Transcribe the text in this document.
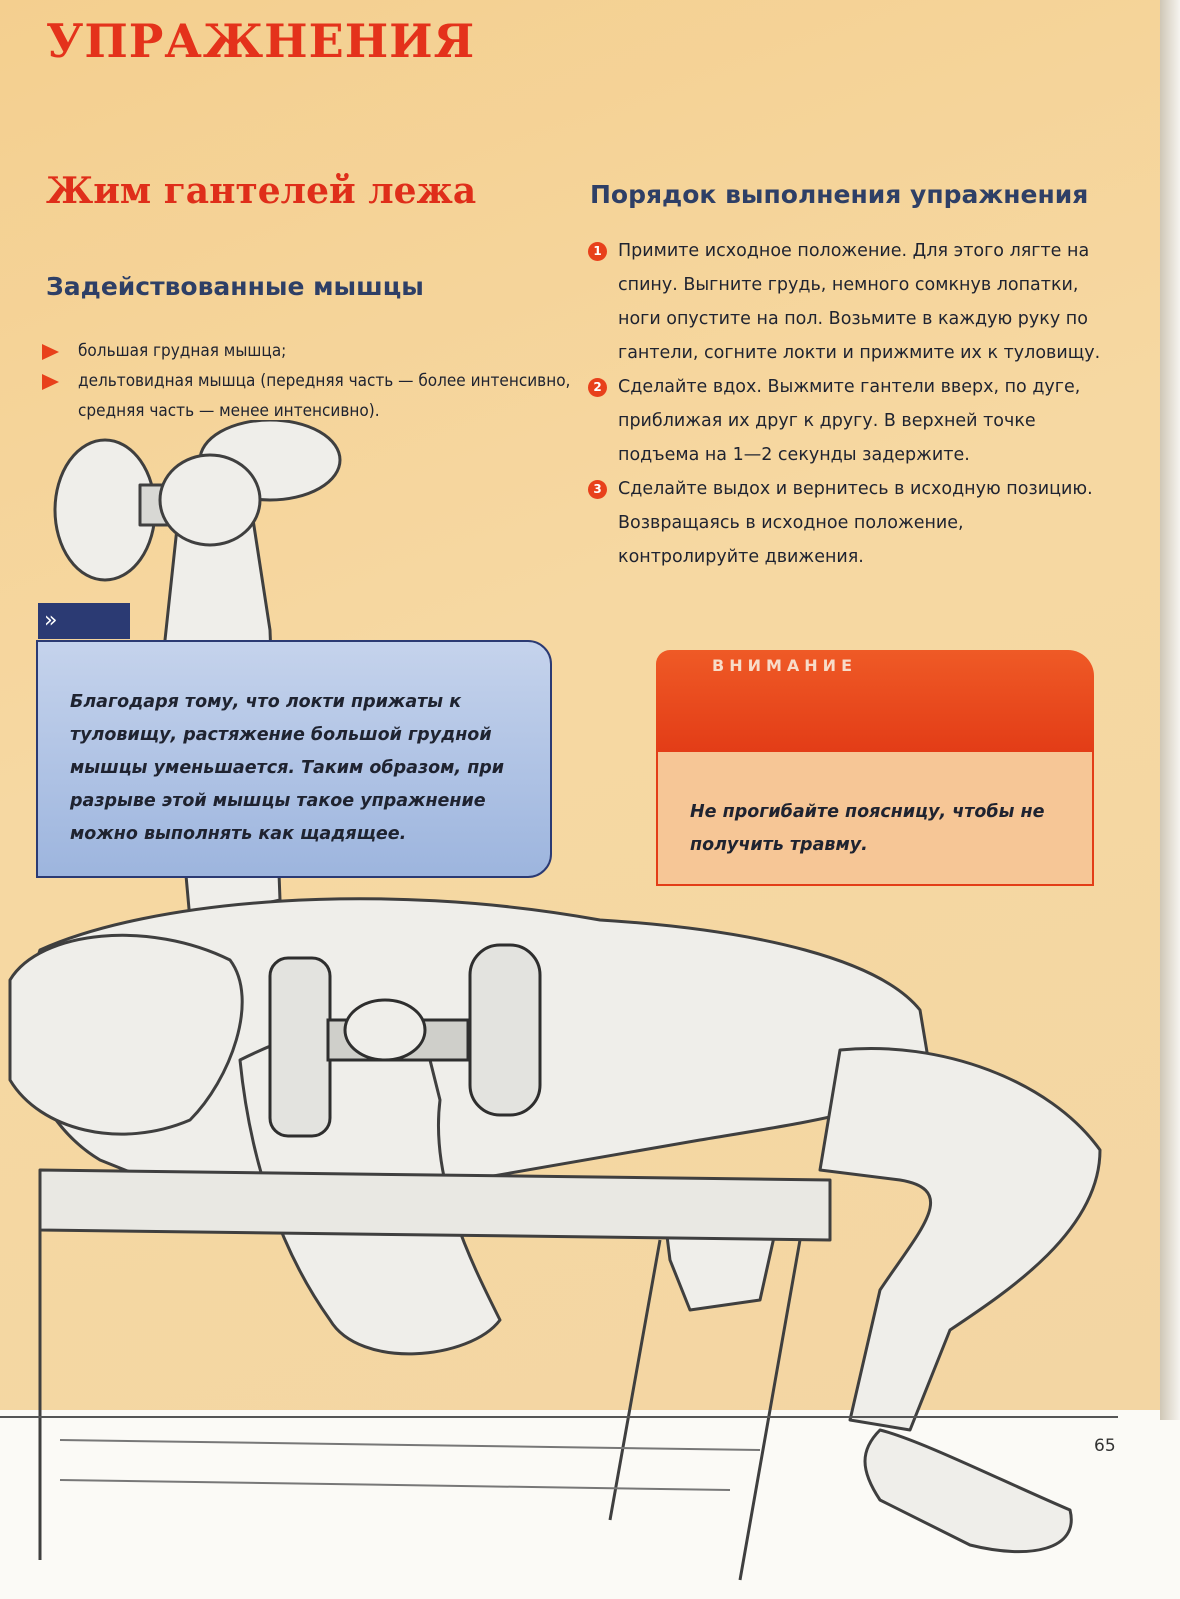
УПРАЖНЕНИЯ
Жим гантелей лежа
Задействованные мышцы
большая грудная мышца;
дельтовидная мышца (передняя часть — более интенсивно, средняя часть — менее интенсивно).
Порядок выполнения упражнения
1 Примите исходное положение. Для этого лягте на спину. Выгните грудь, немного сомкнув лопатки, ноги опустите на пол. Возьмите в каждую руку по гантели, согните локти и прижмите их к туловищу.
2 Сделайте вдох. Выжмите гантели вверх, по дуге, приближая их друг к другу. В верхней точке подъема на 1—2 секунды задержите.
3 Сделайте выдох и вернитесь в исходную позицию. Возвращаясь в исходное положение, контролируйте движения.
»

Благодаря тому, что локти прижаты к туловищу, растяжение большой грудной мышцы уменьшается. Таким образом, при разрыве этой мышцы такое упражнение можно выполнять как щадящее.

ВНИМАНИЕ

Не прогибайте поясницу, чтобы не получить травму.

65
